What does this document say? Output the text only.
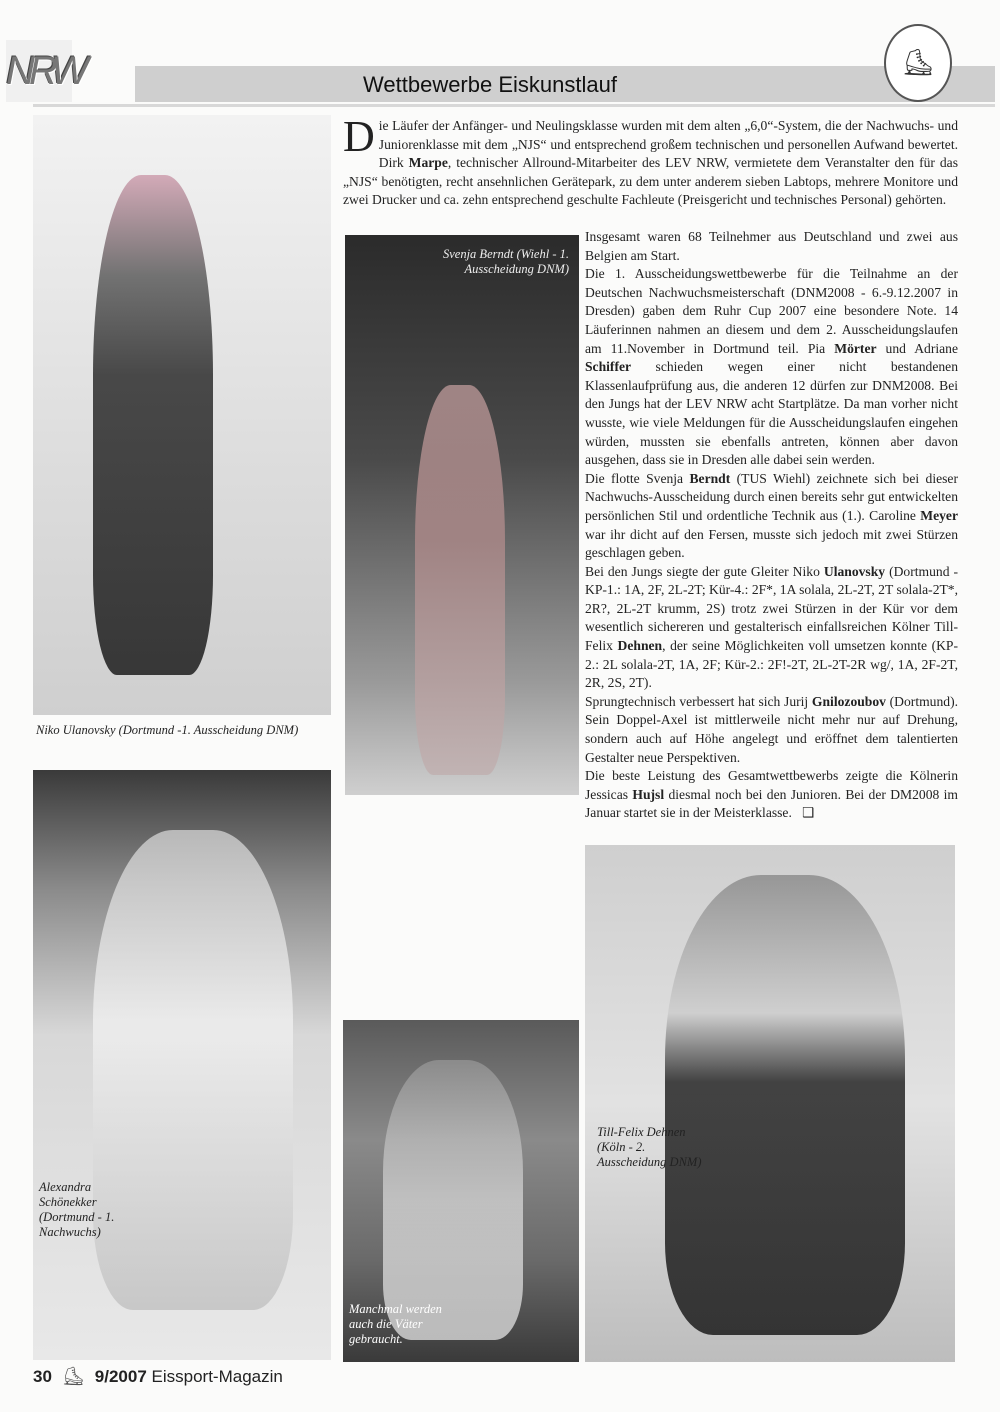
NRW	Wettbewerbe Eiskunstlauf
⛸
Niko Ulanovsky (Dortmund -1. Ausscheidung DNM)
Die Läufer der Anfänger- und Neulingsklasse wurden mit dem alten „6,0“-System, die der Nachwuchs- und Juniorenklasse mit dem „NJS“ und entsprechend großem technischen und personellen Aufwand bewertet. Dirk Marpe, technischer Allround-Mitarbeiter des LEV NRW, vermietete dem Veranstalter den für das „NJS“ benötigten, recht ansehnlichen Gerätepark, zu dem unter anderem sieben Labtops, mehrere Monitore und zwei Drucker und ca. zehn entsprechend geschulte Fachleute (Preisgericht und technisches Personal) gehörten.
Svenja Berndt (Wiehl - 1. Ausscheidung DNM)

Insgesamt waren 68 Teilnehmer aus Deutschland und zwei aus Belgien am Start.

Die 1. Ausscheidungswettbewerbe für die Teilnahme an der Deutschen Nachwuchsmeisterschaft (DNM2008 - 6.-9.12.2007 in Dresden) gaben dem Ruhr Cup 2007 eine besondere Note. 14 Läuferinnen nahmen an diesem und dem 2. Ausscheidungslaufen am 11.November in Dortmund teil. Pia Mörter und Adriane Schiffer schieden wegen einer nicht bestandenen Klassenlaufprüfung aus, die anderen 12 dürfen zur DNM2008. Bei den Jungs hat der LEV NRW acht Startplätze. Da man vorher nicht wusste, wie viele Meldungen für die Ausscheidungslaufen eingehen würden, mussten sie ebenfalls antreten, können aber davon ausgehen, dass sie in Dresden alle dabei sein werden.

Die flotte Svenja Berndt (TUS Wiehl) zeichnete sich bei dieser Nachwuchs-Ausscheidung durch einen bereits sehr gut entwickelten persönlichen Stil und ordentliche Technik aus (1.). Caroline Meyer war ihr dicht auf den Fersen, musste sich jedoch mit zwei Stürzen geschlagen geben.

Bei den Jungs siegte der gute Gleiter Niko Ulanovsky (Dortmund - KP-1.: 1A, 2F, 2L-2T; Kür-4.: 2F*, 1A solala, 2L-2T, 2T solala-2T*, 2R?, 2L-2T krumm, 2S) trotz zwei Stürzen in der Kür vor dem wesentlich sichereren und gestalterisch einfallsreichen Kölner Till-Felix Dehnen, der seine Möglichkeiten voll umsetzen konnte (KP-2.: 2L solala-2T, 1A, 2F; Kür-2.: 2F!-2T, 2L-2T-2R wg/, 1A, 2F-2T, 2R, 2S, 2T).

Sprungtechnisch verbessert hat sich Jurij Gnilozoubov (Dortmund). Sein Doppel-Axel ist mittlerweile nicht mehr nur auf Drehung, sondern auch auf Höhe angelegt und eröffnet dem talentierten Gestalter neue Perspektiven.

Die beste Leistung des Gesamtwettbewerbs zeigte die Kölnerin Jessicas Hujsl diesmal noch bei den Junioren. Bei der DM2008 im Januar startet sie in der Meisterklasse. ❑

Alexandra Schönekker (Dortmund - 1. Nachwuchs)
Manchmal werden auch die Väter gebraucht.
Till-Felix Dehnen (Köln - 2. Ausscheidung DNM)
30 ⛸ 9/2007 Eissport-Magazin
